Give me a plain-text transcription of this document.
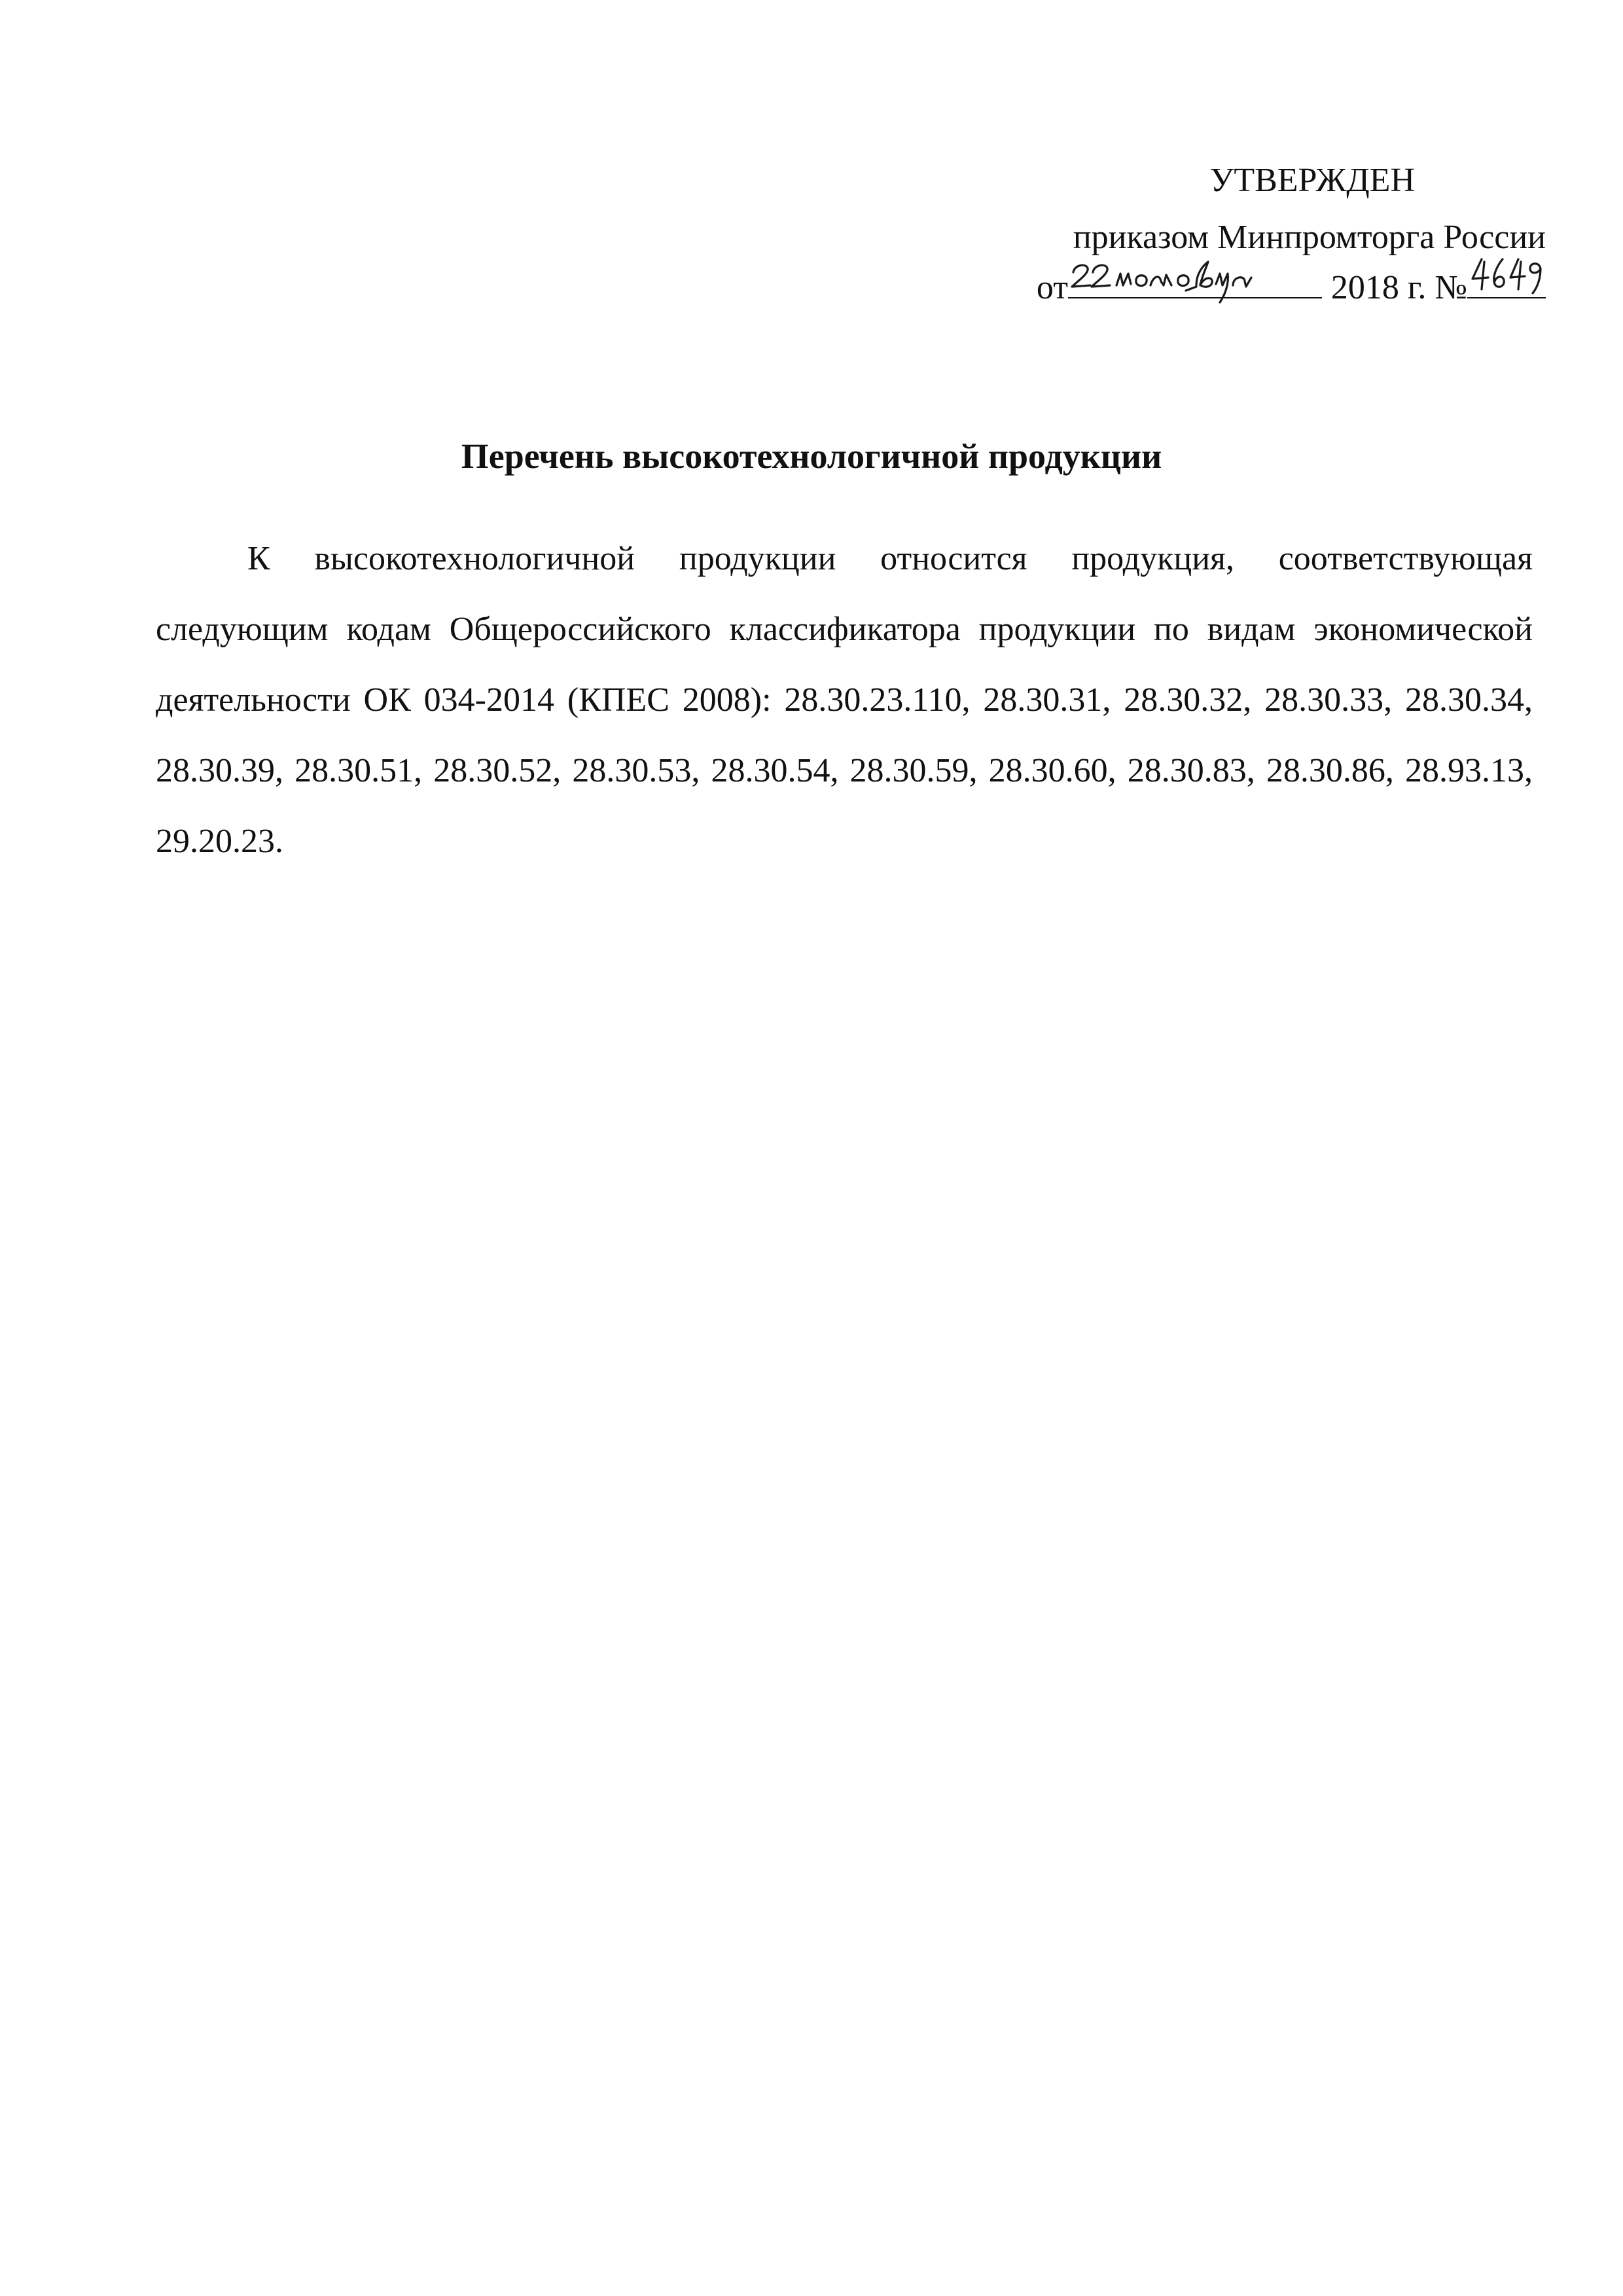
УТВЕРЖДЕН
приказом Минпромторга России
от	2018 г. №
Перечень высокотехнологичной продукции

К высокотехнологичной продукции относится продукция, соответствующая следующим кодам Общероссийского классификатора продукции по видам экономической деятельности ОК 034-2014 (КПЕС 2008): 28.30.23.110, 28.30.31, 28.30.32, 28.30.33, 28.30.34, 28.30.39, 28.30.51, 28.30.52, 28.30.53, 28.30.54, 28.30.59, 28.30.60, 28.30.83, 28.30.86, 28.93.13, 29.20.23.
